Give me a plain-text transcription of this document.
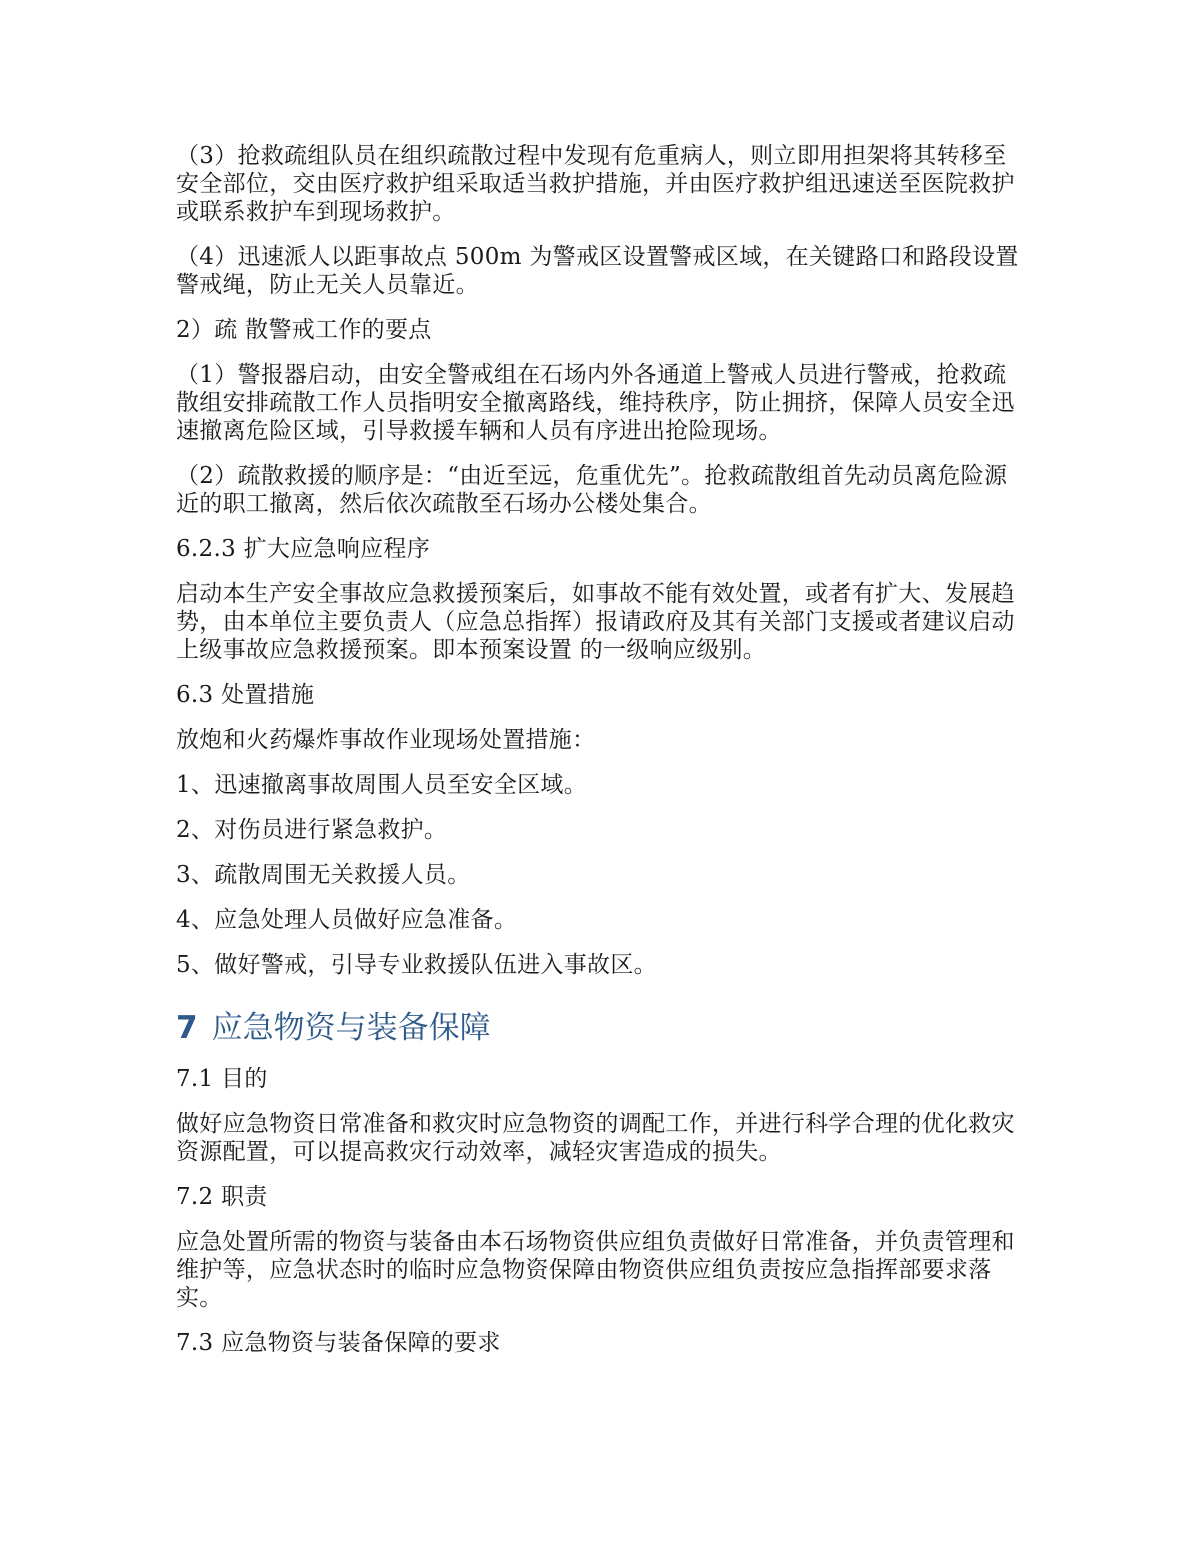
（3）抢救疏组队员在组织疏散过程中发现有危重病人，则立即用担架将其转移至安全部位，交由医疗救护组采取适当救护措施，并由医疗救护组迅速送至医院救护或联系救护车到现场救护。

（4）迅速派人以距事故点 500m 为警戒区设置警戒区域，在关键路口和路段设置警戒绳，防止无关人员靠近。

2）疏 散警戒工作的要点

（1）警报器启动，由安全警戒组在石场内外各通道上警戒人员进行警戒，抢救疏散组安排疏散工作人员指明安全撤离路线，维持秩序，防止拥挤，保障人员安全迅速撤离危险区域，引导救援车辆和人员有序进出抢险现场。

（2）疏散救援的顺序是：“由近至远，危重优先”。抢救疏散组首先动员离危险源近的职工撤离，然后依次疏散至石场办公楼处集合。

6.2.3 扩大应急响应程序

启动本生产安全事故应急救援预案后，如事故不能有效处置，或者有扩大、发展趋势，由本单位主要负责人（应急总指挥）报请政府及其有关部门支援或者建议启动上级事故应急救援预案。即本预案设置 的一级响应级别。

6.3 处置措施

放炮和火药爆炸事故作业现场处置措施：

1、迅速撤离事故周围人员至安全区域。

2、对伤员进行紧急救护。

3、疏散周围无关救援人员。

4、应急处理人员做好应急准备。

5、做好警戒，引导专业救援队伍进入事故区。

7 应急物资与装备保障

7.1 目的

做好应急物资日常准备和救灾时应急物资的调配工作，并进行科学合理的优化救灾资源配置，可以提高救灾行动效率，减轻灾害造成的损失。

7.2 职责

应急处置所需的物资与装备由本石场物资供应组负责做好日常准备，并负责管理和维护等，应急状态时的临时应急物资保障由物资供应组负责按应急指挥部要求落实。

7.3 应急物资与装备保障的要求
